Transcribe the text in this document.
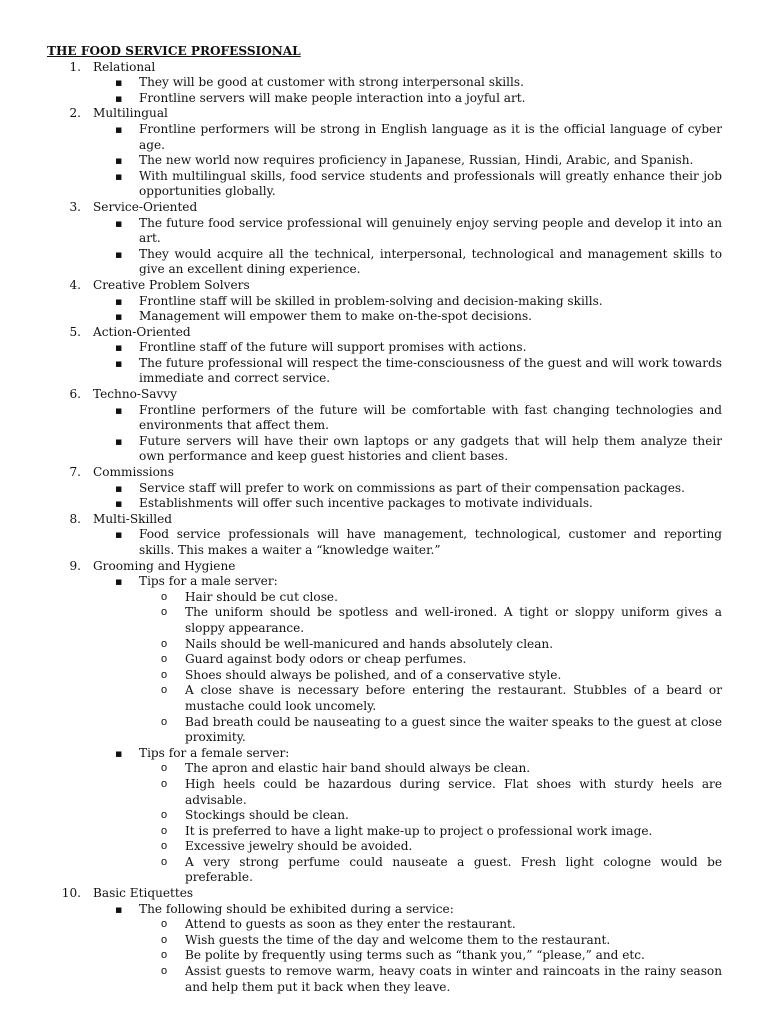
THE FOOD SERVICE PROFESSIONAL
1. Relational
▪ They will be good at customer with strong interpersonal skills.
▪ Frontline servers will make people interaction into a joyful art.
2. Multilingual
▪ Frontline performers will be strong in English language as it is the official language of cyber age.
▪ The new world now requires proficiency in Japanese, Russian, Hindi, Arabic, and Spanish.
▪ With multilingual skills, food service students and professionals will greatly enhance their job opportunities globally.
3. Service-Oriented
▪ The future food service professional will genuinely enjoy serving people and develop it into an art.
▪ They would acquire all the technical, interpersonal, technological and management skills to give an excellent dining experience.
4. Creative Problem Solvers
▪ Frontline staff will be skilled in problem-solving and decision-making skills.
▪ Management will empower them to make on-the-spot decisions.
5. Action-Oriented
▪ Frontline staff of the future will support promises with actions.
▪ The future professional will respect the time-consciousness of the guest and will work towards immediate and correct service.
6. Techno-Savvy
▪ Frontline performers of the future will be comfortable with fast changing technologies and environments that affect them.
▪ Future servers will have their own laptops or any gadgets that will help them analyze their own performance and keep guest histories and client bases.
7. Commissions
▪ Service staff will prefer to work on commissions as part of their compensation packages.
▪ Establishments will offer such incentive packages to motivate individuals.
8. Multi-Skilled
▪ Food service professionals will have management, technological, customer and reporting skills. This makes a waiter a “knowledge waiter.”
9. Grooming and Hygiene
▪ Tips for a male server:
o Hair should be cut close.
o The uniform should be spotless and well-ironed. A tight or sloppy uniform gives a sloppy appearance.
o Nails should be well-manicured and hands absolutely clean.
o Guard against body odors or cheap perfumes.
o Shoes should always be polished, and of a conservative style.
o A close shave is necessary before entering the restaurant. Stubbles of a beard or mustache could look uncomely.
o Bad breath could be nauseating to a guest since the waiter speaks to the guest at close proximity.
▪ Tips for a female server:
o The apron and elastic hair band should always be clean.
o High heels could be hazardous during service. Flat shoes with sturdy heels are advisable.
o Stockings should be clean.
o It is preferred to have a light make-up to project o professional work image.
o Excessive jewelry should be avoided.
o A very strong perfume could nauseate a guest. Fresh light cologne would be preferable.
10. Basic Etiquettes
▪ The following should be exhibited during a service:
o Attend to guests as soon as they enter the restaurant.
o Wish guests the time of the day and welcome them to the restaurant.
o Be polite by frequently using terms such as “thank you,” “please,” and etc.
o Assist guests to remove warm, heavy coats in winter and raincoats in the rainy season and help them put it back when they leave.
